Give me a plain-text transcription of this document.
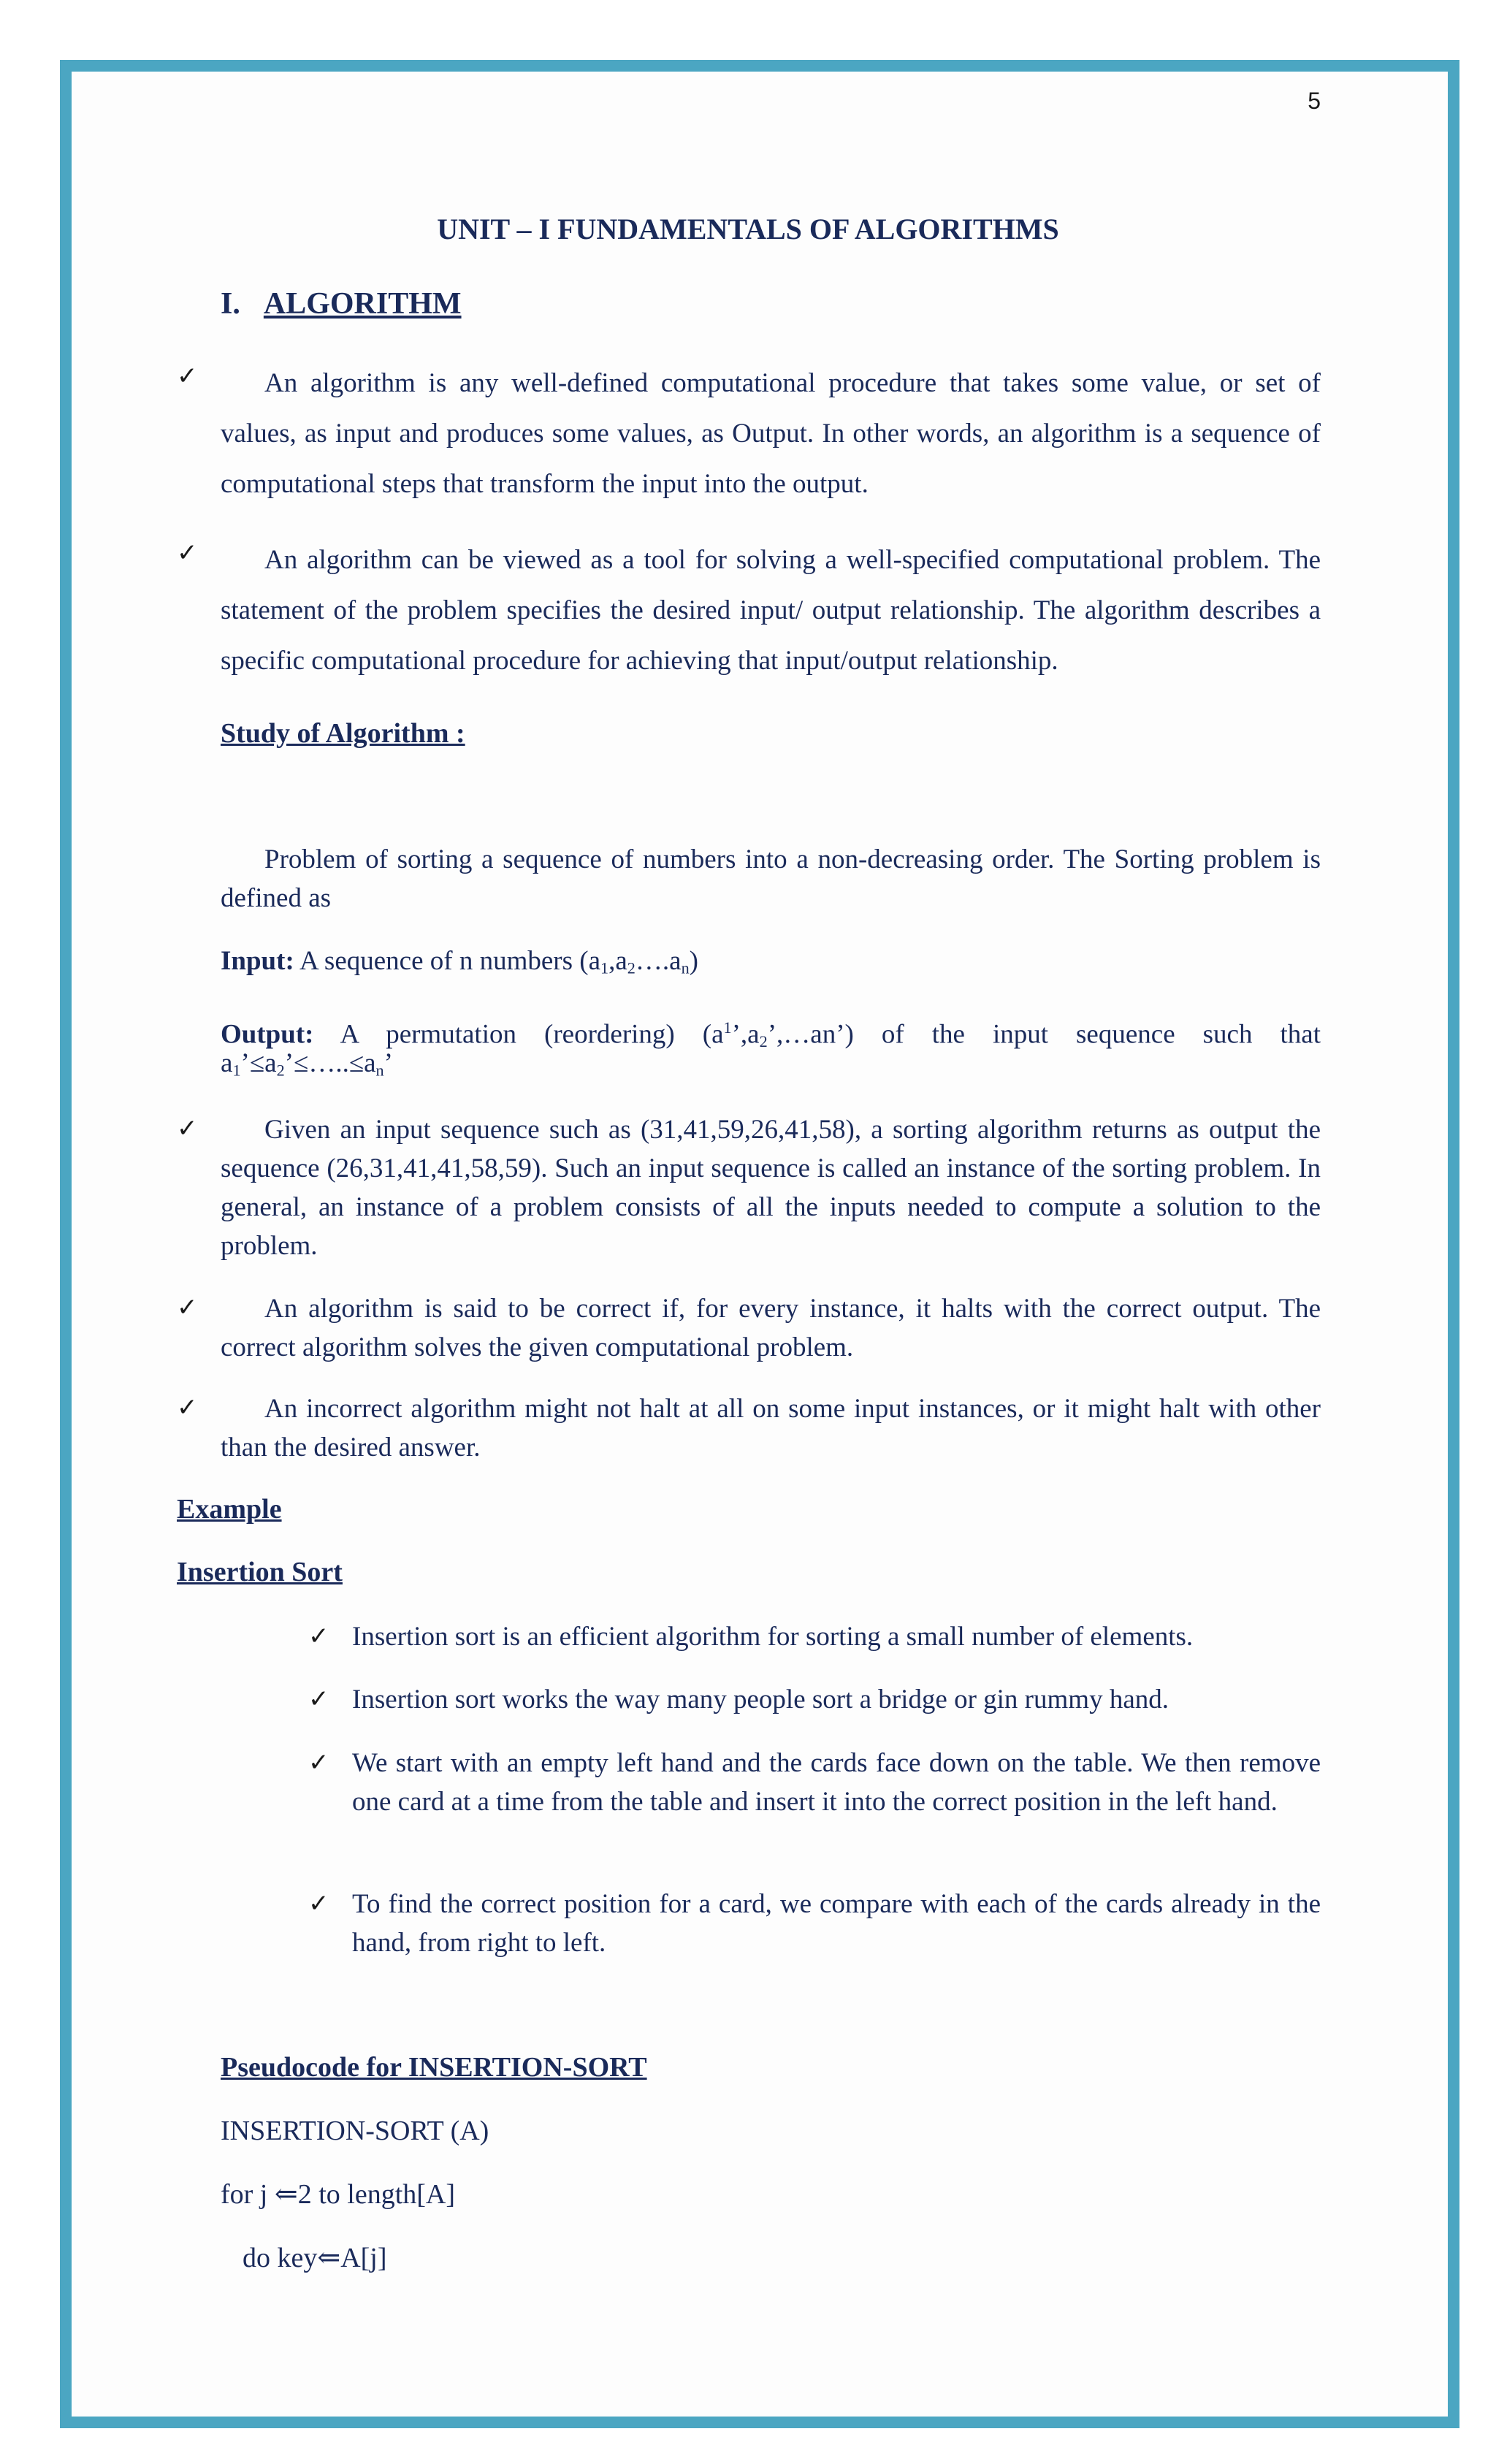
5
UNIT – I FUNDAMENTALS OF ALGORITHMS
I. ALGORITHM
✓	An algorithm is any well-defined computational procedure that takes some value, or set of values, as input and produces some values, as Output. In other words, an algorithm is a sequence of computational steps that transform the input into the output.
✓	An algorithm can be viewed as a tool for solving a well-specified computational problem. The statement of the problem specifies the desired input/ output relationship. The algorithm describes a specific computational procedure for achieving that input/output relationship.
Study of Algorithm :
Problem of sorting a sequence of numbers into a non-decreasing order. The Sorting problem is defined as
Input: A sequence of n numbers $(a_1,a_2\dots.a_n)$
Output: A permutation (reordering) $(a^1’,a_2’,\dots an’)$ of the input sequence such that
$a_1’\le a_2’\le\dots..\le a_n$’
✓	Given an input sequence such as (31,41,59,26,41,58), a sorting algorithm returns as output the sequence (26,31,41,41,58,59). Such an input sequence is called an instance of the sorting problem. In general, an instance of a problem consists of all the inputs needed to compute a solution to the problem.
✓	An algorithm is said to be correct if, for every instance, it halts with the correct output. The correct algorithm solves the given computational problem.
✓	An incorrect algorithm might not halt at all on some input instances, or it might halt with other than the desired answer.
Example
Insertion Sort
✓ Insertion sort is an efficient algorithm for sorting a small number of elements.
✓ Insertion sort works the way many people sort a bridge or gin rummy hand.
✓ We start with an empty left hand and the cards face down on the table. We then remove one card at a time from the table and insert it into the correct position in the left hand.
✓ To find the correct position for a card, we compare with each of the cards already in the hand, from right to left.
Pseudocode for INSERTION-SORT
INSERTION-SORT (A)
for j ⇐2 to length[A]
do key⇐A[j]
